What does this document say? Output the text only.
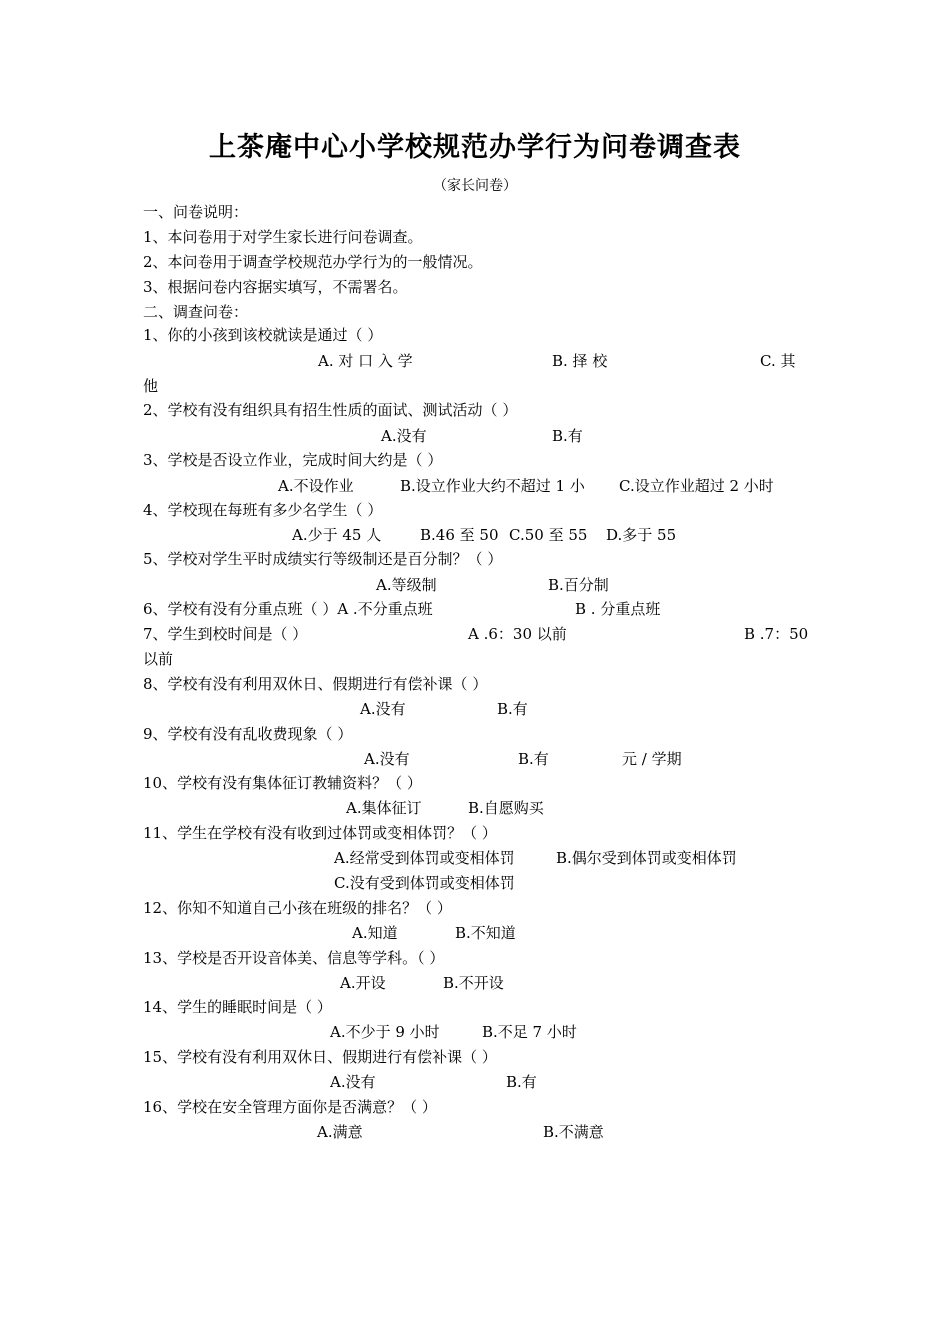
上茶庵中心小学校规范办学行为问卷调查表
（家长问卷）
一、问卷说明：
1、本问卷用于对学生家长进行问卷调查。
2、本问卷用于调查学校规范办学行为的一般情况。
3、根据问卷内容据实填写，不需署名。
二、调查问卷：
1、你的小孩到该校就读是通过（ ）
A. 对 口 入 学	B. 择 校	C. 其
他
2、学校有没有组织具有招生性质的面试、测试活动（ ）
A.没有	B.有
3、学校是否设立作业，完成时间大约是（ ）
A.不设作业	B.设立作业大约不超过 1 小 C.设立作业超过 2 小时
4、学校现在每班有多少名学生（ ）
A.少于 45 人	B.46 至 50 C.50 至 55 D.多于 55
5、学校对学生平时成绩实行等级制还是百分制？（ ）
A.等级制	B.百分制
6、学校有没有分重点班（ ）A .不分重点班	B . 分重点班
7、学生到校时间是（ ）	A .6：30 以前	B .7：50
以前
8、学校有没有利用双休日、假期进行有偿补课（ ）
A.没有	B.有
9、学校有没有乱收费现象（ ）
A.没有	B.有	元 / 学期
10、学校有没有集体征订教辅资料？（ ）
A.集体征订	B.自愿购买
11、学生在学校有没有收到过体罚或变相体罚？（ ）
A.经常受到体罚或变相体罚	B.偶尔受到体罚或变相体罚
C.没有受到体罚或变相体罚
12、你知不知道自己小孩在班级的排名？（ ）
A.知道	B.不知道
13、学校是否开设音体美、信息等学科。（ ）
A.开设	B.不开设
14、学生的睡眠时间是（ ）
A.不少于 9 小时	B.不足 7 小时
15、学校有没有利用双休日、假期进行有偿补课（ ）
A.没有	B.有
16、学校在安全管理方面你是否满意？（ ）
A.满意	B.不满意
